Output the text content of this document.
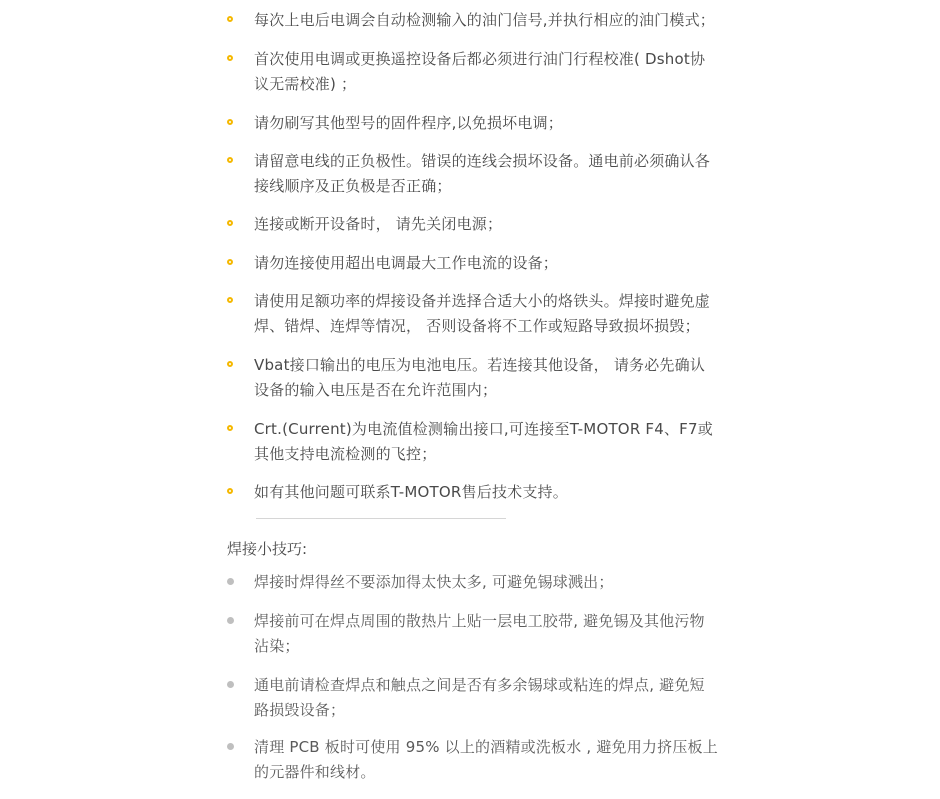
每次上电后电调会自动检测输入的油门信号,并执行相应的油门模式；
首次使用电调或更换遥控设备后都必须进行油门行程校准( Dshot协议无需校准) ；
请勿刷写其他型号的固件程序,以免损坏电调；
请留意电线的正负极性。错误的连线会损坏设备。通电前必须确认各接线顺序及正负极是否正确；
连接或断开设备时， 请先关闭电源；
请勿连接使用超出电调最大工作电流的设备；
请使用足额功率的焊接设备并选择合适大小的烙铁头。焊接时避免虚焊、错焊、连焊等情况， 否则设备将不工作或短路导致损坏损毁；
Vbat接口输出的电压为电池电压。若连接其他设备， 请务必先确认设备的输入电压是否在允许范围内；
Crt.(Current)为电流值检测输出接口,可连接至T-MOTOR F4、F7或其他支持电流检测的飞控；
如有其他问题可联系T-MOTOR售后技术支持。
焊接小技巧:
焊接时焊得丝不要添加得太快太多, 可避免锡球溅出；
焊接前可在焊点周围的散热片上贴一层电工胶带, 避免锡及其他污物沾染；
通电前请检查焊点和触点之间是否有多余锡球或粘连的焊点, 避免短路损毁设备；
清理 PCB 板时可使用 95% 以上的酒精或洗板水 , 避免用力挤压板上的元器件和线材。
